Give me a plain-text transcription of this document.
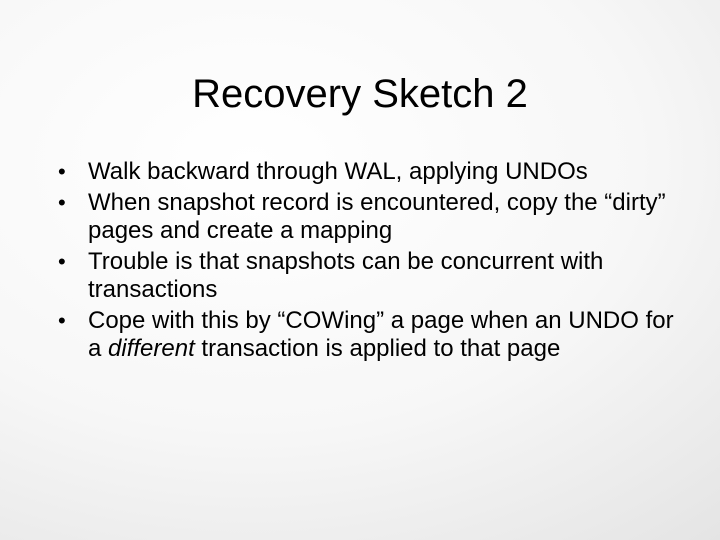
Recovery Sketch 2
• Walk backward through WAL, applying UNDOs
• When snapshot record is encountered, copy the “dirty” pages and create a mapping
• Trouble is that snapshots can be concurrent with transactions
• Cope with this by “COWing” a page when an UNDO for a different transaction is applied to that page
